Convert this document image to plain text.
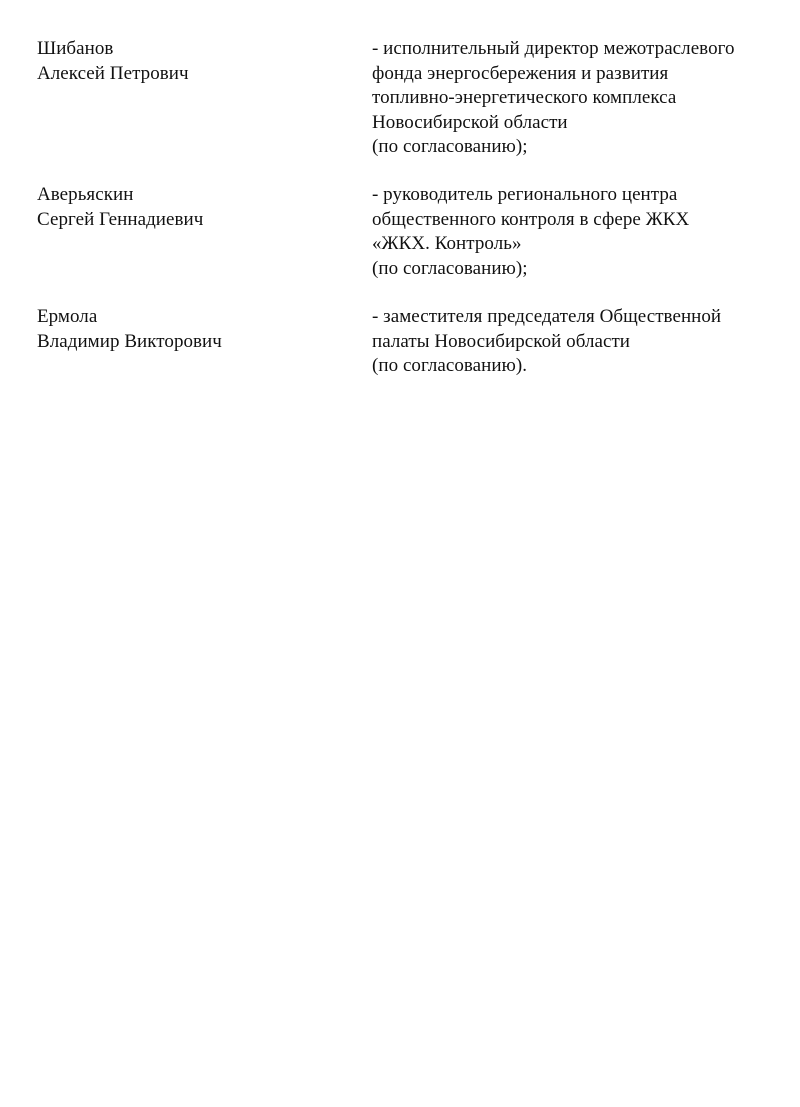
Шибанов
Алексей Петрович
- исполнительный директор межотраслевого
фонда энергосбережения и развития
топливно-энергетического комплекса
Новосибирской области
(по согласованию);
Аверьяскин
Сергей Геннадиевич
- руководитель регионального центра
общественного контроля в сфере ЖКХ
«ЖКХ. Контроль»
(по согласованию);
Ермола
Владимир Викторович
- заместителя председателя Общественной
палаты Новосибирской области
(по согласованию).
